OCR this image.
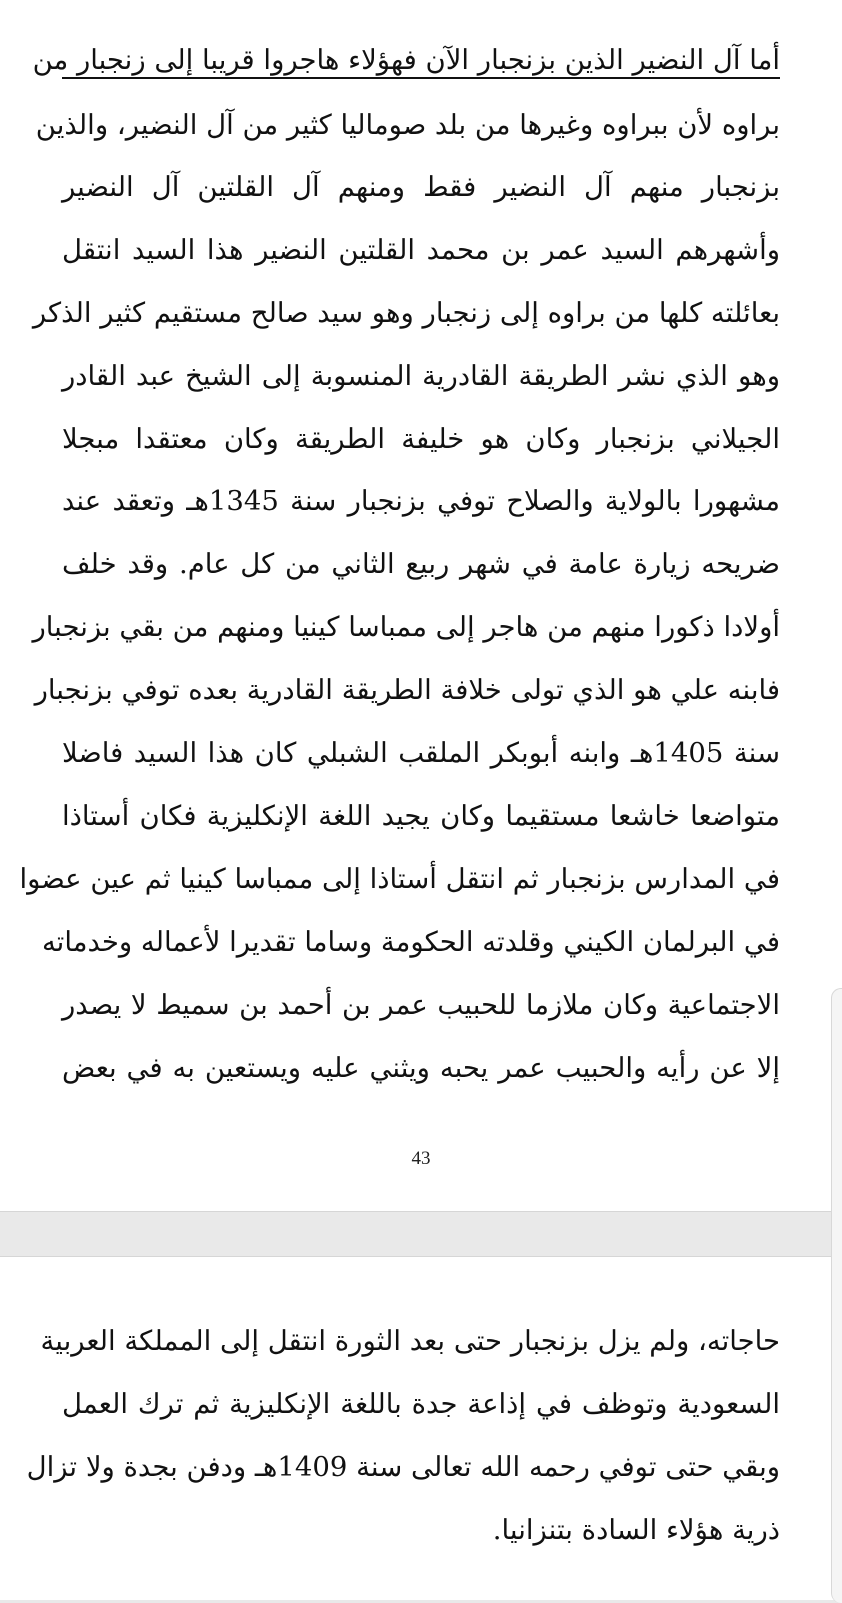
أما آل النضير الذين بزنجبار الآن فهؤلاء هاجروا قريبا إلى زنجبار من
براوه لأن ببراوه وغيرها من بلد صوماليا كثير من آل النضير، والذين
بزنجبار منهم آل النضير فقط ومنهم آل القلتين آل النضير
وأشهرهم السيد عمر بن محمد القلتين النضير هذا السيد انتقل
بعائلته كلها من براوه إلى زنجبار وهو سيد صالح مستقيم كثير الذكر
وهو الذي نشر الطريقة القادرية المنسوبة إلى الشيخ عبد القادر
الجيلاني بزنجبار وكان هو خليفة الطريقة وكان معتقدا مبجلا
مشهورا بالولاية والصلاح توفي بزنجبار سنة 1345هـ وتعقد عند
ضريحه زيارة عامة في شهر ربيع الثاني من كل عام. وقد خلف
أولادا ذكورا منهم من هاجر إلى ممباسا كينيا ومنهم من بقي بزنجبار
فابنه علي هو الذي تولى خلافة الطريقة القادرية بعده توفي بزنجبار
سنة 1405هـ وابنه أبوبكر الملقب الشبلي كان هذا السيد فاضلا
متواضعا خاشعا مستقيما وكان يجيد اللغة الإنكليزية فكان أستاذا
في المدارس بزنجبار ثم انتقل أستاذا إلى ممباسا كينيا ثم عين عضوا
في البرلمان الكيني وقلدته الحكومة وساما تقديرا لأعماله وخدماته
الاجتماعية وكان ملازما للحبيب عمر بن أحمد بن سميط لا يصدر
إلا عن رأيه والحبيب عمر يحبه ويثني عليه ويستعين به في بعض
43
حاجاته، ولم يزل بزنجبار حتى بعد الثورة انتقل إلى المملكة العربية
السعودية وتوظف في إذاعة جدة باللغة الإنكليزية ثم ترك العمل
وبقي حتى توفي رحمه الله تعالى سنة 1409هـ ودفن بجدة ولا تزال
ذرية هؤلاء السادة بتنزانيا.
